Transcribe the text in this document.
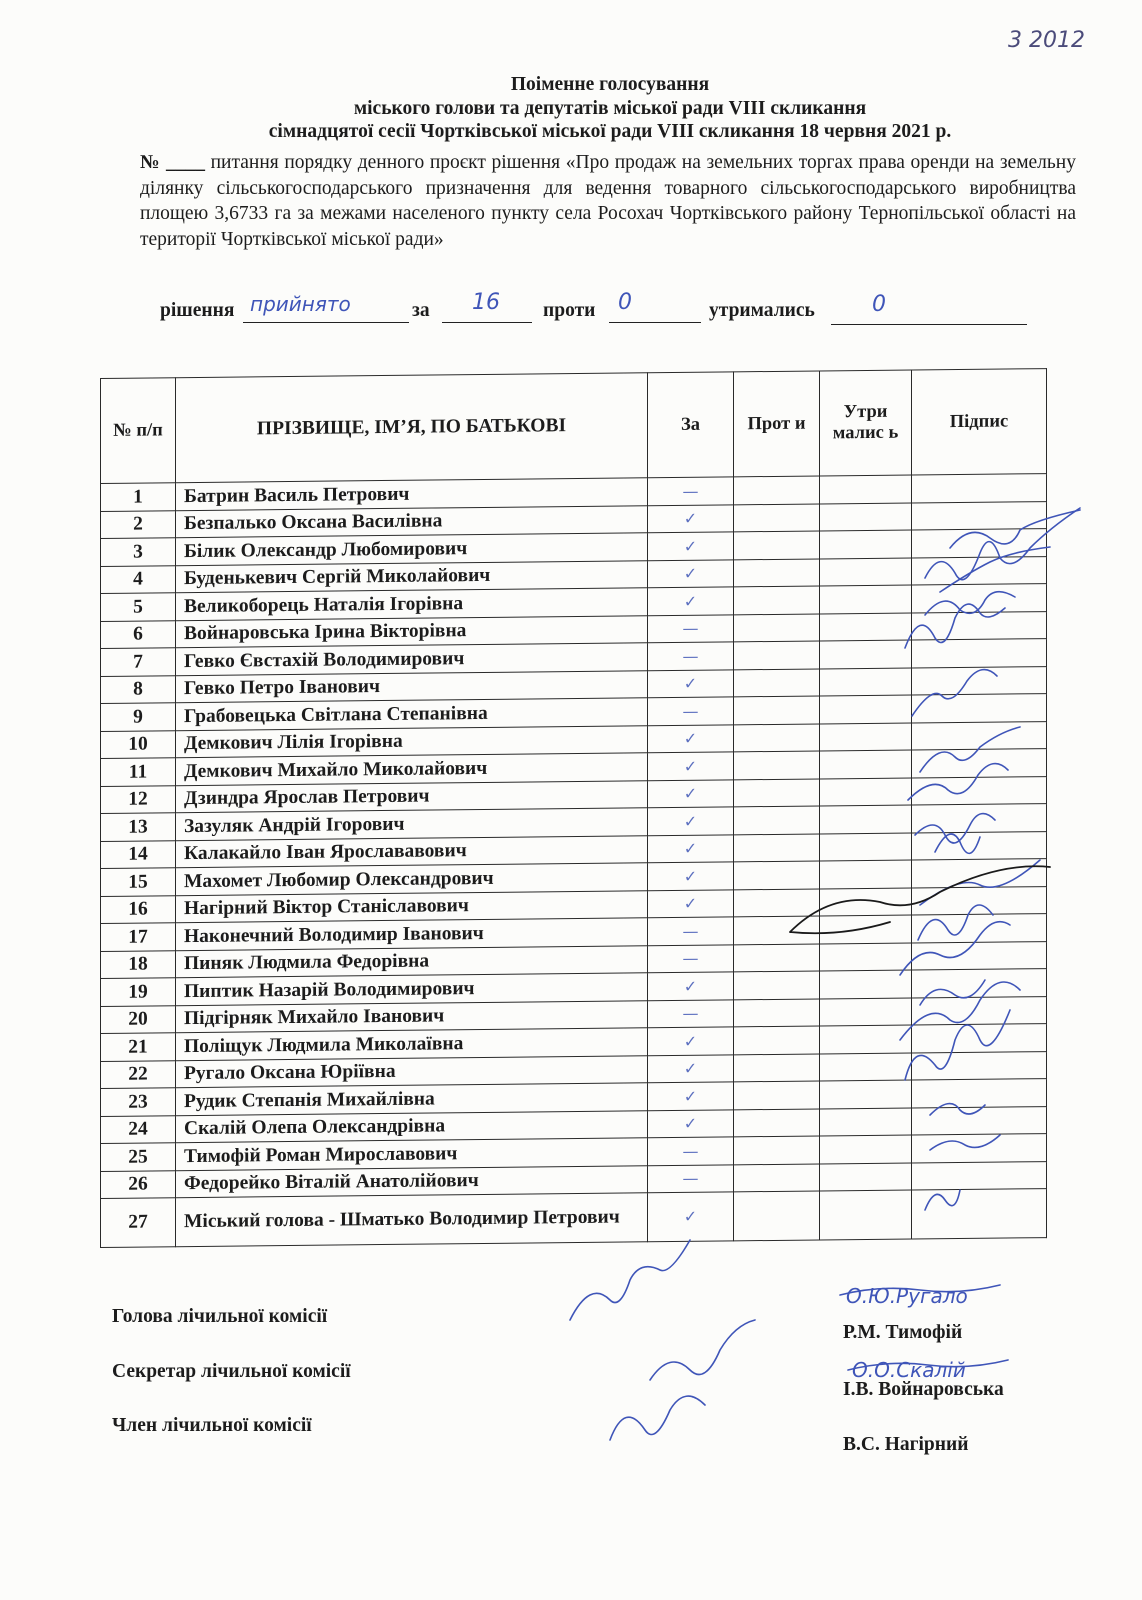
3 2012
Поіменне голосування
міського голови та депутатів міської ради VIII скликання
сімнадцятої сесії Чортківської міської ради VIII скликання 18 червня 2021 р.
№ ____ питання порядку денного проєкт рішення «Про продаж на земельних торгах права оренди на земельну ділянку сільськогосподарського призначення для ведення товарного сільськогосподарського виробництва площею 3,6733 га за межами населеного пункту села Росохач Чортківського району Тернопільської області на території Чортківської міської ради»
рішення прийнято	за 16 проти 0	утримались	0
№ п/п	ПРІЗВИЩЕ, ІМ’Я, ПО БАТЬКОВІ	За	Прот и	Утри малис ь	Підпис
1	Батрин Василь Петрович	—			
2	Безпалько Оксана Василівна	✓			
3	Білик Олександр Любомирович	✓			
4	Буденькевич Сергій Миколайович	✓			
5	Великоборець Наталія Ігорівна	✓			
6	Войнаровська Ірина Вікторівна	—			
7	Гевко Євстахій Володимирович	—			
8	Гевко Петро Іванович	✓			
9	Грабовецька Світлана Степанівна	—			
10	Демкович Лілія Ігорівна	✓			
11	Демкович Михайло Миколайович	✓			
12	Дзиндра Ярослав Петрович	✓			
13	Зазуляк Андрій Ігорович	✓			
14	Калакайло Іван Ярослававович	✓			
15	Махомет Любомир Олександрович	✓			
16	Нагірний Віктор Станіславович	✓			
17	Наконечний Володимир Іванович	—			
18	Пиняк Людмила Федорівна	—			
19	Пиптик Назарій Володимирович	✓			
20	Підгірняк Михайло Іванович	—			
21	Поліщук Людмила Миколаївна	✓			
22	Ругало Оксана Юріївна	✓			
23	Рудик Степанія Михайлівна	✓			
24	Скалій Олепа Олександрівна	✓			
25	Тимофій Роман Мирославович	—			
26	Федорейко Віталій Анатолійович	—			
27	Міський голова - Шматько Володимир Петрович	✓			
О.Ю.Ругало
О.О.Скалій
Голова лічильної комісії
Р.М. Тимофій
Секретар лічильної комісії
І.В. Войнаровська
Член лічильної комісії
В.С. Нагірний
